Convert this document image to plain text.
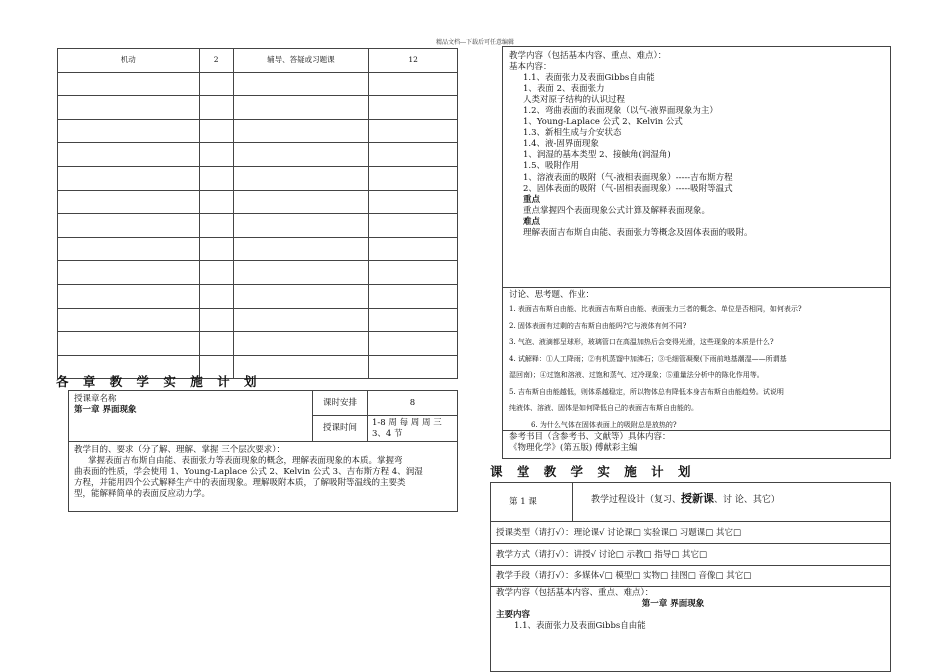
精品文档---下载后可任意编辑
机动	2	辅导、答疑或习题课	12

各 章 教 学 实 施 计 划
授课章名称
第一章 界面现象
课时安排	8
授课时间	1-8 周 每 周 周 三
3、4 节
教学目的、要求（分了解、理解、掌握 三个层次要求）：
掌握表面吉布斯自由能、表面张力等表面现象的概念，理解表面现象的本质。掌握弯
曲表面的性质，学会使用 1、Young-Laplace 公式 2、Kelvin 公式 3、吉布斯方程 4、润湿
方程，并能用四个公式解释生产中的表面现象。理解吸附本质，了解吸附等温线的主要类
型，能解释简单的表面反应动力学。
教学内容（包括基本内容、重点、难点）：
基本内容：
1.1、表面张力及表面Gibbs自由能
1、表面 2、表面张力
人类对原子结构的认识过程
1.2、弯曲表面的表面现象（以气-液界面现象为主）
1、Young-Laplace 公式 2、Kelvin 公式
1.3、新相生成与介安状态
1.4、液-固界面现象
1、润湿的基本类型 2、接触角(润湿角)
1.5、吸附作用
1、溶液表面的吸附（气-液相表面现象）-----吉布斯方程
2、固体表面的吸附（气-固相表面现象）-----吸附等温式
重点
重点掌握四个表面现象公式计算及解释表面现象。
难点
理解表面吉布斯自由能、表面张力等概念及固体表面的吸附。
讨论、思考题、作业：
1. 表面吉布斯自由能、比表面吉布斯自由能、表面张力三者的概念、单位是否相同，如何表示?
2. 固体表面有过剩的吉布斯自由能吗?它与液体有何不同?
3. 气泡、液滴都呈球形，玻璃管口在高温加热后会变得光滑，这些现象的本质是什么?
4. 试解释：①人工降雨；②有机蒸馏中加沸石；③毛细管凝聚(下雨前地基潮湿——所谓基
湿回南)；④过饱和溶液、过饱和蒸气、过冷现象；⑤重量法分析中的陈化作用等。
5. 吉布斯自由能越低，则体系越稳定，所以物体总有降低本身吉布斯自由能趋势。试说明
纯液体、溶液、固体是如何降低自己的表面吉布斯自由能的。
6. 为什么气体在固体表面上的吸附总是放热的?
参考书目（含参考书、文献等）具体内容：
《物理化学》(第五版) 傅献彩主编
课 堂 教 学 实 施 计 划
第 1 课	教学过程设计（复习、授新课、讨 论、其它）
授课类型（请打√）：理论课√ 讨论课□ 实验课□ 习题课□ 其它□
教学方式（请打√）：讲授√ 讨论□ 示教□ 指导□ 其它□
教学手段（请打√）：多媒体√□ 模型□ 实物□ 挂图□ 音像□ 其它□
教学内容（包括基本内容、重点、难点）：
第一章 界面现象
主要内容
1.1、表面张力及表面Gibbs自由能
